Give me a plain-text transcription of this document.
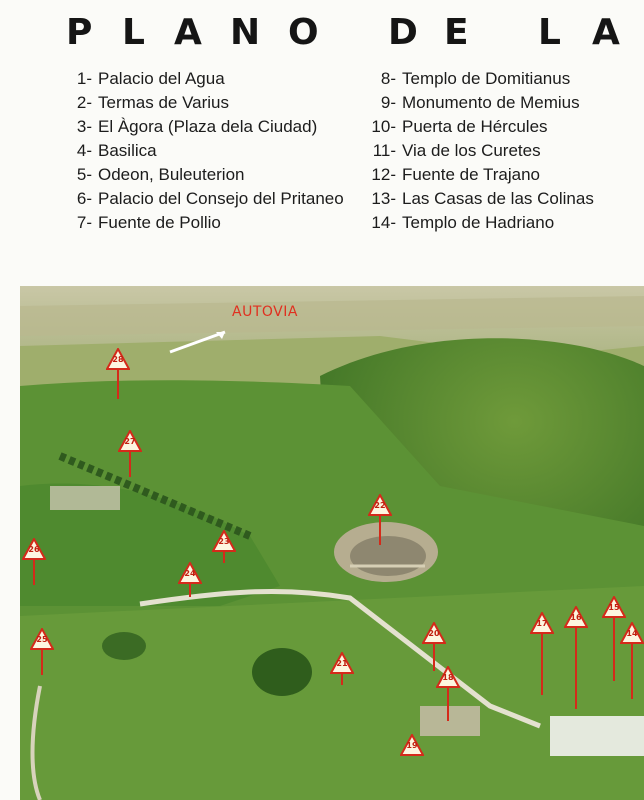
P L A N O D E L A
1- Palacio del Agua
2- Termas de Varius
3- El Àgora (Plaza dela Ciudad)
4- Basilica
5- Odeon, Buleuterion
6- Palacio del Consejo del Pritaneo
7- Fuente de Pollio
8- Templo de Domitianus
9- Monumento de Memius
10- Puerta de Hércules
11- Via de los Curetes
12- Fuente de Trajano
13- Las Casas de las Colinas
14- Templo de Hadriano
AUTOVIA
28
27
26
25
24
23
22
21
20
19
18
17
16
15
14
